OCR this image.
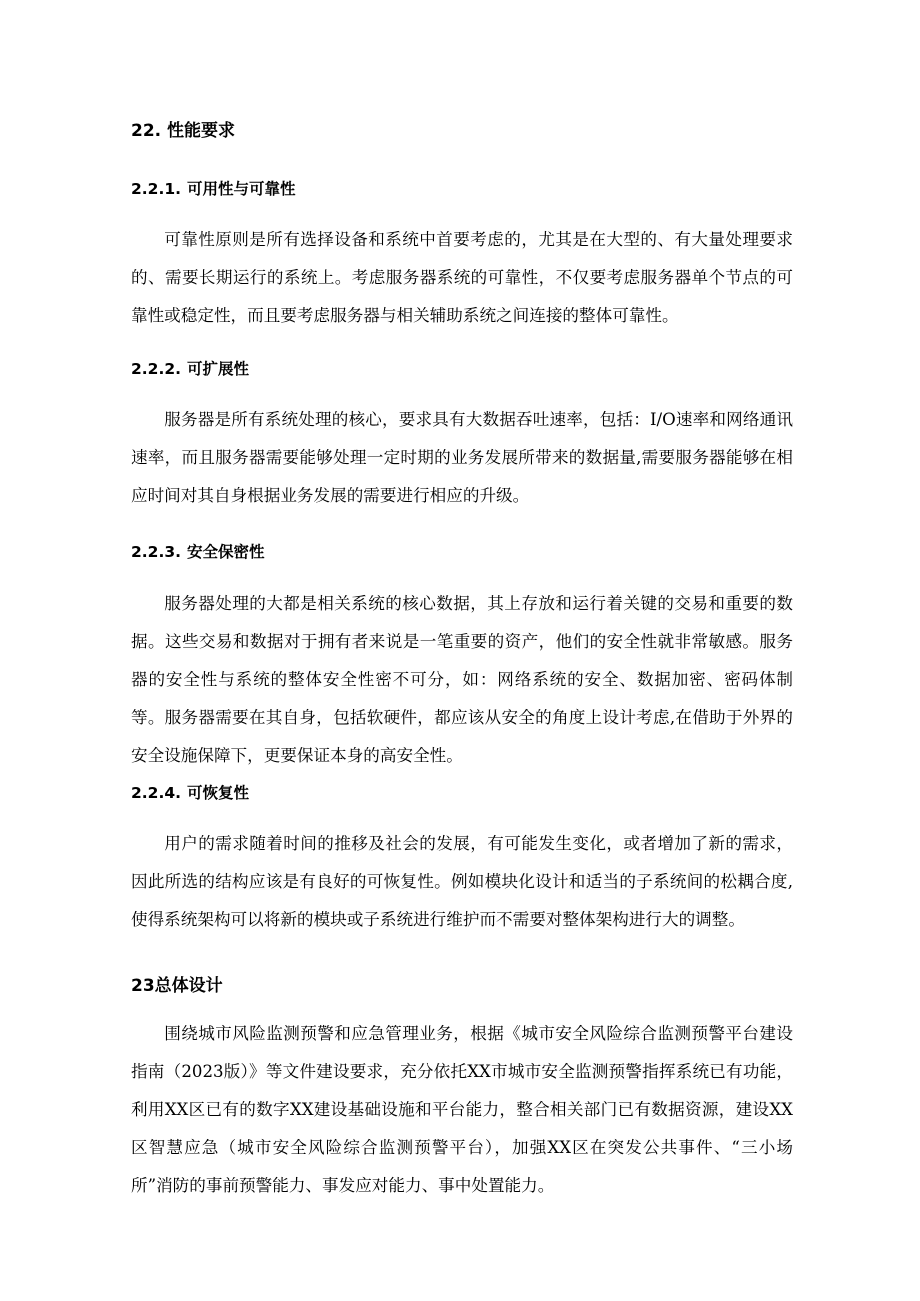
22. 性能要求
2.2.1. 可用性与可靠性

可靠性原则是所有选择设备和系统中首要考虑的，尤其是在大型的、有大量处理要求的、需要长期运行的系统上。考虑服务器系统的可靠性，不仅要考虑服务器单个节点的可靠性或稳定性，而且要考虑服务器与相关辅助系统之间连接的整体可靠性。

2.2.2. 可扩展性

服务器是所有系统处理的核心，要求具有大数据吞吐速率，包括：I/O速率和网络通讯速率，而且服务器需要能够处理一定时期的业务发展所带来的数据量,需要服务器能够在相应时间对其自身根据业务发展的需要进行相应的升级。

2.2.3. 安全保密性

服务器处理的大都是相关系统的核心数据，其上存放和运行着关键的交易和重要的数据。这些交易和数据对于拥有者来说是一笔重要的资产，他们的安全性就非常敏感。服务器的安全性与系统的整体安全性密不可分，如：网络系统的安全、数据加密、密码体制等。服务器需要在其自身，包括软硬件，都应该从安全的角度上设计考虑,在借助于外界的安全设施保障下，更要保证本身的高安全性。

2.2.4. 可恢复性

用户的需求随着时间的推移及社会的发展，有可能发生变化，或者增加了新的需求，因此所选的结构应该是有良好的可恢复性。例如模块化设计和适当的子系统间的松耦合度,使得系统架构可以将新的模块或子系统进行维护而不需要对整体架构进行大的调整。

23总体设计

围绕城市风险监测预警和应急管理业务，根据《城市安全风险综合监测预警平台建设指南（2023版）》等文件建设要求，充分依托XX市城市安全监测预警指挥系统已有功能，利用XX区已有的数字XX建设基础设施和平台能力，整合相关部门已有数据资源，建设XX区智慧应急（城市安全风险综合监测预警平台），加强XX区在突发公共事件、“三小场所”消防的事前预警能力、事发应对能力、事中处置能力。
